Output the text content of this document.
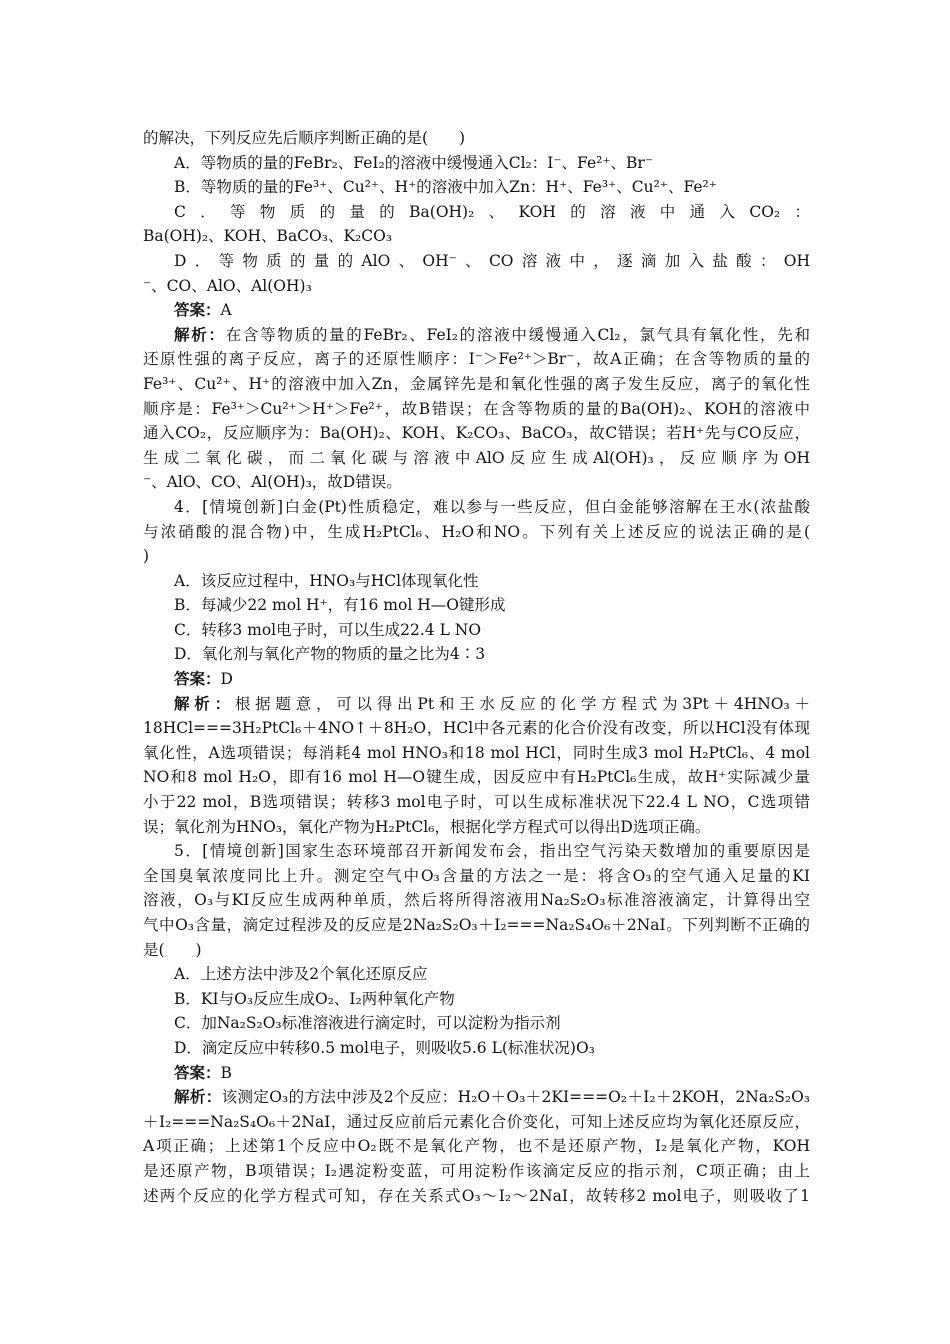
的解决，下列反应先后顺序判断正确的是(　　)
A．等物质的量的FeBr₂、FeI₂的溶液中缓慢通入Cl₂：I⁻、Fe²⁺、Br⁻
B．等物质的量的Fe³⁺、Cu²⁺、H⁺的溶液中加入Zn：H⁺、Fe³⁺、Cu²⁺、Fe²⁺
C．等物质的量的Ba(OH)₂、KOH的溶液中通入CO₂：
Ba(OH)₂、KOH、BaCO₃、K₂CO₃
D．等物质的量的AlO、OH⁻、CO溶液中，逐滴加入盐酸：OH
⁻、CO、AlO、Al(OH)₃
答案：A
解析：在含等物质的量的FeBr₂、FeI₂的溶液中缓慢通入Cl₂，氯气具有氧化性，先和
还原性强的离子反应，离子的还原性顺序：I⁻＞Fe²⁺＞Br⁻，故A正确；在含等物质的量的
Fe³⁺、Cu²⁺、H⁺的溶液中加入Zn，金属锌先是和氧化性强的离子发生反应，离子的氧化性
顺序是：Fe³⁺＞Cu²⁺＞H⁺＞Fe²⁺，故B错误；在含等物质的量的Ba(OH)₂、KOH的溶液中
通入CO₂，反应顺序为：Ba(OH)₂、KOH、K₂CO₃、BaCO₃，故C错误；若H⁺先与CO反应，
生成二氧化碳，而二氧化碳与溶液中AlO反应生成Al(OH)₃，反应顺序为OH
⁻、AlO、CO、Al(OH)₃，故D错误。
4．[情境创新]白金(Pt)性质稳定，难以参与一些反应，但白金能够溶解在王水(浓盐酸
与浓硝酸的混合物)中，生成H₂PtCl₆、H₂O和NO。下列有关上述反应的说法正确的是(
)
A．该反应过程中，HNO₃与HCl体现氧化性
B．每减少22 mol H⁺，有16 mol H—O键形成
C．转移3 mol电子时，可以生成22.4 L NO
D．氧化剂与氧化产物的物质的量之比为4∶3
答案：D
解析：根据题意，可以得出Pt和王水反应的化学方程式为3Pt＋4HNO₃＋
18HCl===3H₂PtCl₆＋4NO↑＋8H₂O，HCl中各元素的化合价没有改变，所以HCl没有体现
氧化性，A选项错误；每消耗4 mol HNO₃和18 mol HCl，同时生成3 mol H₂PtCl₆、4 mol
NO和8 mol H₂O，即有16 mol H—O键生成，因反应中有H₂PtCl₆生成，故H⁺实际减少量
小于22 mol，B选项错误；转移3 mol电子时，可以生成标准状况下22.4 L NO，C选项错
误；氧化剂为HNO₃，氧化产物为H₂PtCl₆，根据化学方程式可以得出D选项正确。
5．[情境创新]国家生态环境部召开新闻发布会，指出空气污染天数增加的重要原因是
全国臭氧浓度同比上升。测定空气中O₃含量的方法之一是：将含O₃的空气通入足量的KI
溶液，O₃与KI反应生成两种单质，然后将所得溶液用Na₂S₂O₃标准溶液滴定，计算得出空
气中O₃含量，滴定过程涉及的反应是2Na₂S₂O₃＋I₂===Na₂S₄O₆＋2NaI。下列判断不正确的
是(　　)
A．上述方法中涉及2个氧化还原反应
B．KI与O₃反应生成O₂、I₂两种氧化产物
C．加Na₂S₂O₃标准溶液进行滴定时，可以淀粉为指示剂
D．滴定反应中转移0.5 mol电子，则吸收5.6 L(标准状况)O₃
答案：B
解析：该测定O₃的方法中涉及2个反应：H₂O＋O₃＋2KI===O₂＋I₂＋2KOH，2Na₂S₂O₃
＋I₂===Na₂S₄O₆＋2NaI，通过反应前后元素化合价变化，可知上述反应均为氧化还原反应，
A项正确；上述第1个反应中O₂既不是氧化产物，也不是还原产物，I₂是氧化产物，KOH
是还原产物，B项错误；I₂遇淀粉变蓝，可用淀粉作该滴定反应的指示剂，C项正确；由上
述两个反应的化学方程式可知，存在关系式O₃～I₂～2NaI，故转移2 mol电子，则吸收了1
